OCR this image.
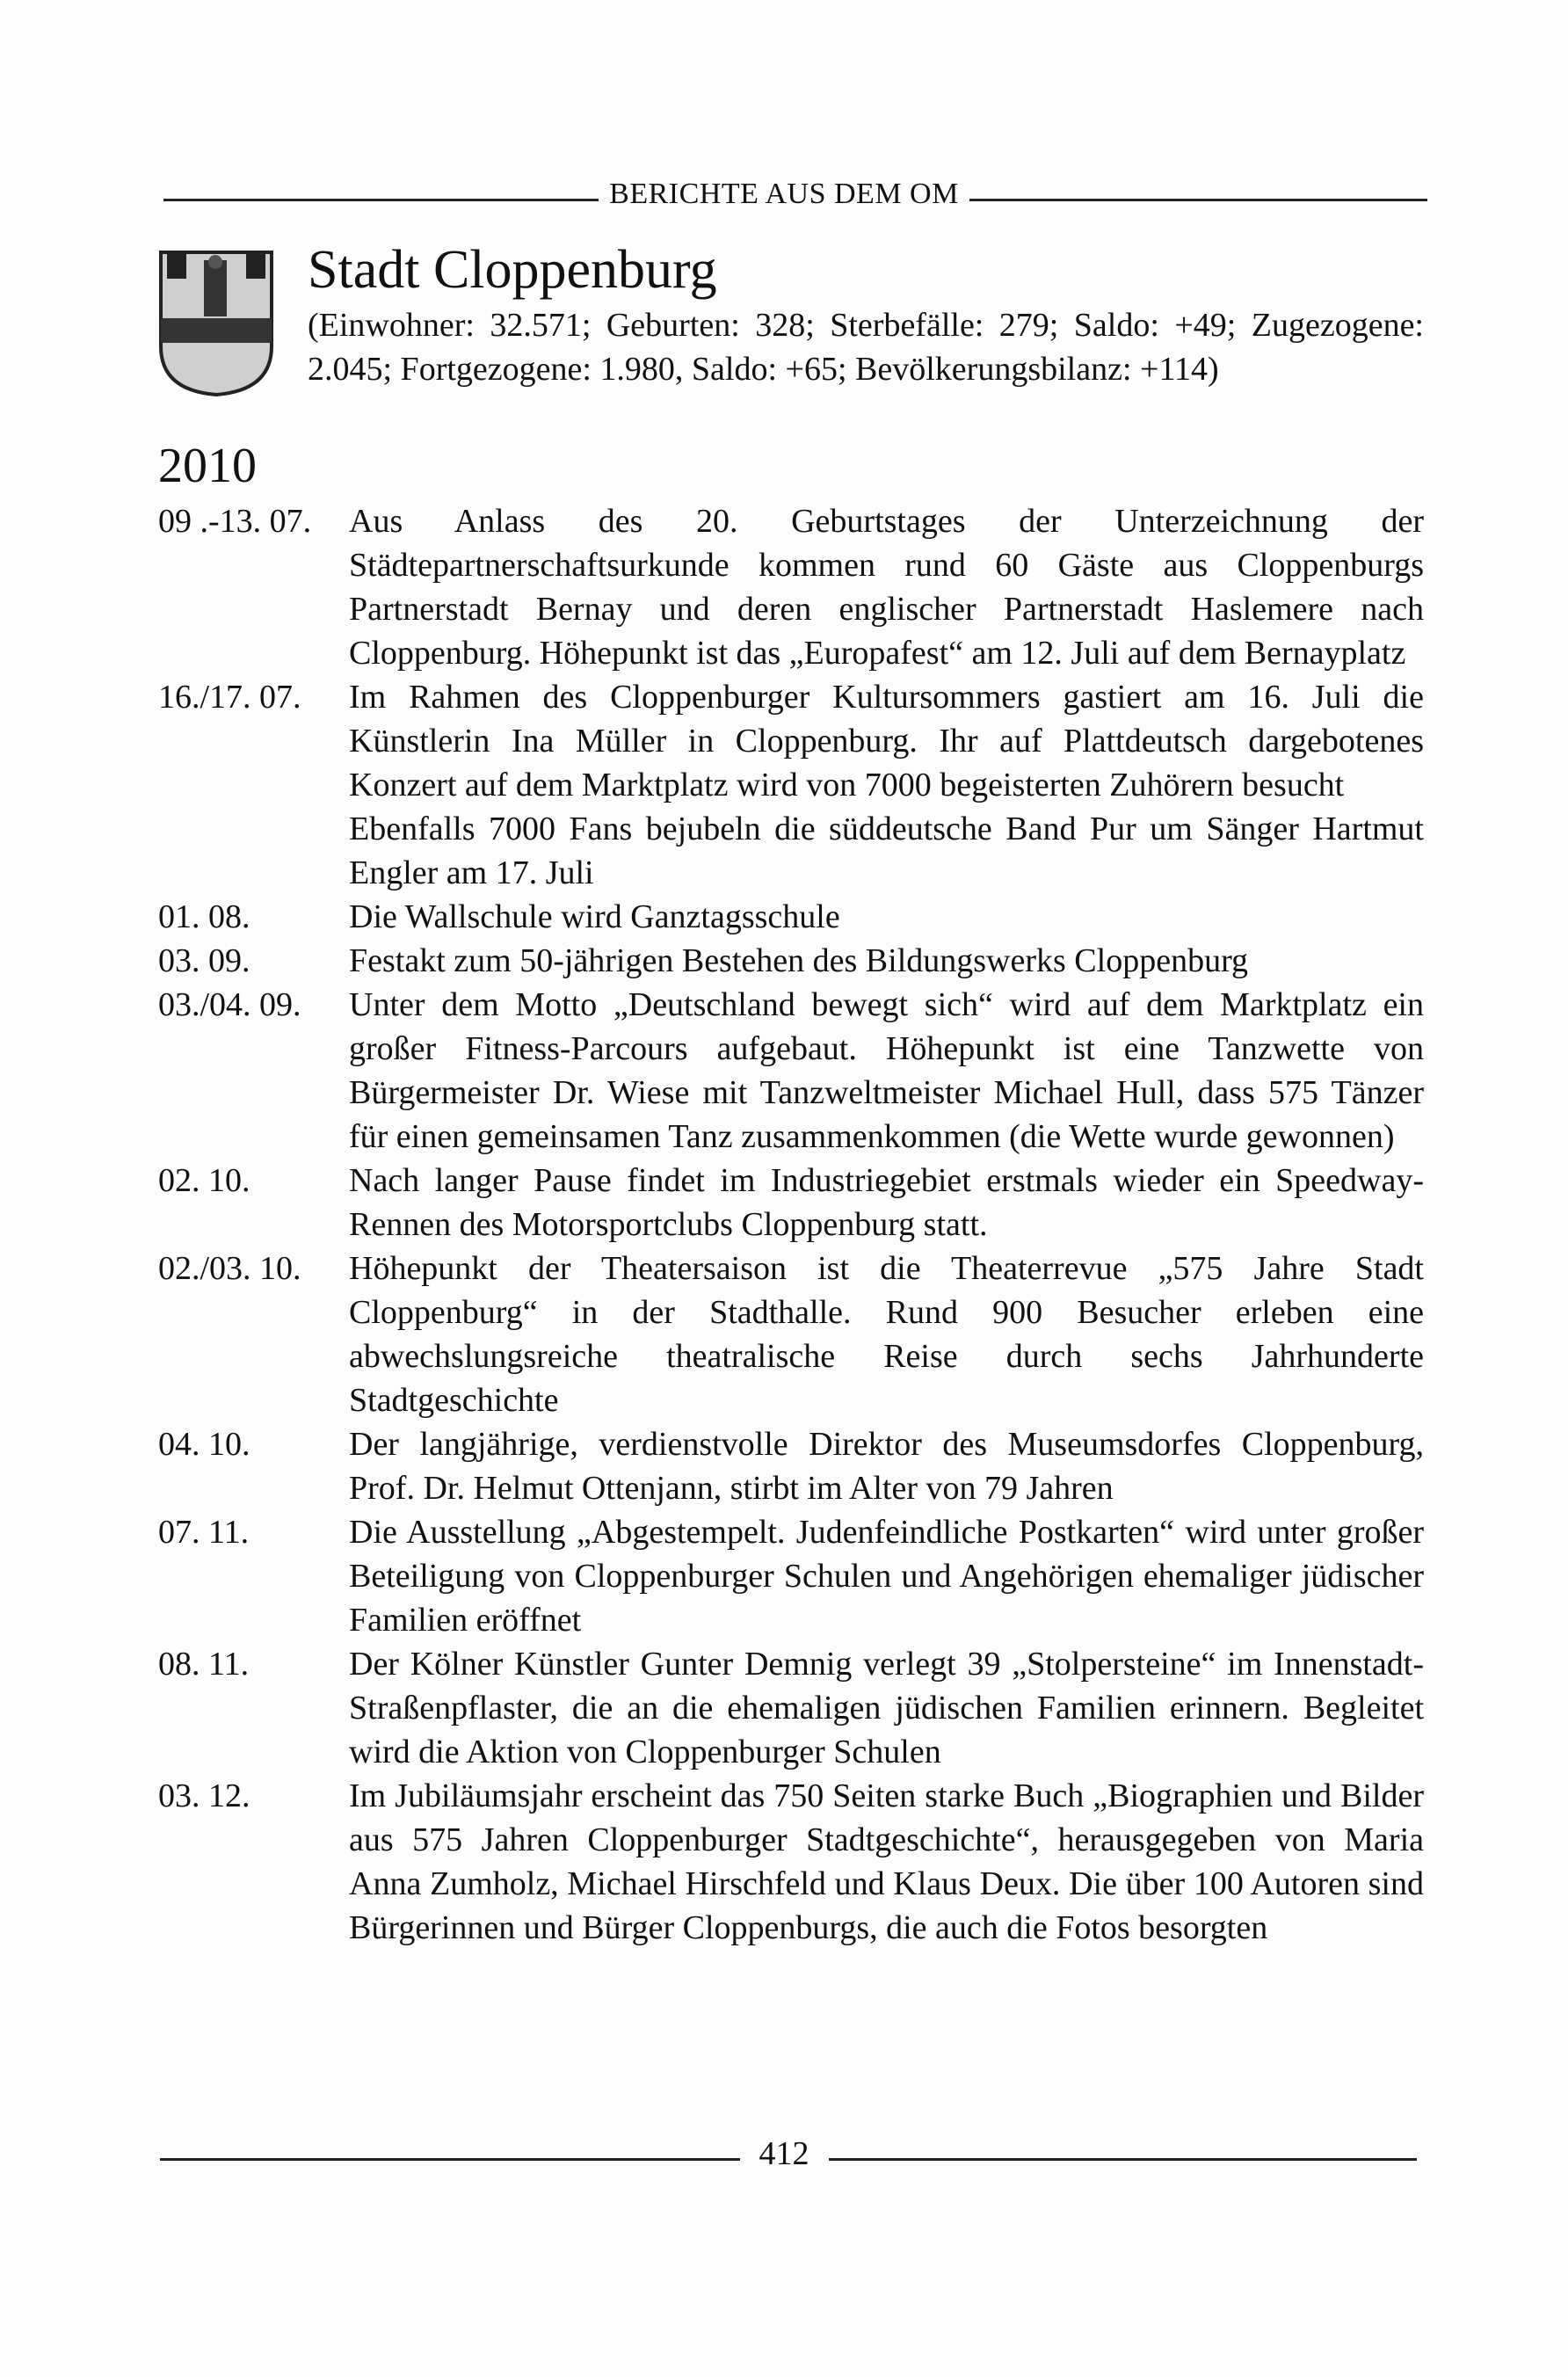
BERICHTE AUS DEM OM
Stadt Cloppenburg
(Einwohner: 32.571; Geburten: 328; Sterbefälle: 279; Saldo: +49; Zugezogene: 2.045; Fortgezogene: 1.980, Saldo: +65; Bevölkerungsbilanz: +114)
2010
09 .-13. 07.	Aus Anlass des 20. Geburtstages der Unterzeichnung der Städtepartnerschaftsurkunde kommen rund 60 Gäste aus Cloppenburgs Partnerstadt Bernay und deren englischer Partnerstadt Haslemere nach Cloppenburg. Höhepunkt ist das „Europafest“ am 12. Juli auf dem Bernayplatz

16./17. 07.	Im Rahmen des Cloppenburger Kultursommers gastiert am 16. Juli die Künstlerin Ina Müller in Cloppenburg. Ihr auf Plattdeutsch dargebotenes Konzert auf dem Marktplatz wird von 7000 begeisterten Zuhörern besucht

Ebenfalls 7000 Fans bejubeln die süddeutsche Band Pur um Sänger Hartmut Engler am 17. Juli

01. 08.	Die Wallschule wird Ganztagsschule

03. 09.	Festakt zum 50-jährigen Bestehen des Bildungswerks Cloppenburg

03./04. 09.	Unter dem Motto „Deutschland bewegt sich“ wird auf dem Marktplatz ein großer Fitness-Parcours aufgebaut. Höhepunkt ist eine Tanzwette von Bürgermeister Dr. Wiese mit Tanzweltmeister Michael Hull, dass 575 Tänzer für einen gemeinsamen Tanz zusammenkommen (die Wette wurde gewonnen)

02. 10.	Nach langer Pause findet im Industriegebiet erstmals wieder ein Speedway-Rennen des Motorsportclubs Cloppenburg statt.

02./03. 10.	Höhepunkt der Theatersaison ist die Theaterrevue „575 Jahre Stadt Cloppenburg“ in der Stadthalle. Rund 900 Besucher erleben eine abwechslungsreiche theatralische Reise durch sechs Jahrhunderte Stadtgeschichte

04. 10.	Der langjährige, verdienstvolle Direktor des Museumsdorfes Cloppenburg, Prof. Dr. Helmut Ottenjann, stirbt im Alter von 79 Jahren

07. 11.	Die Ausstellung „Abgestempelt. Judenfeindliche Postkarten“ wird unter großer Beteiligung von Cloppenburger Schulen und Angehörigen ehemaliger jüdischer Familien eröffnet

08. 11.	Der Kölner Künstler Gunter Demnig verlegt 39 „Stolpersteine“ im Innenstadt-Straßenpflaster, die an die ehemaligen jüdischen Familien erinnern. Begleitet wird die Aktion von Cloppenburger Schulen

03. 12.	Im Jubiläumsjahr erscheint das 750 Seiten starke Buch „Biographien und Bilder aus 575 Jahren Cloppenburger Stadtgeschichte“, herausgegeben von Maria Anna Zumholz, Michael Hirschfeld und Klaus Deux. Die über 100 Autoren sind Bürgerinnen und Bürger Cloppenburgs, die auch die Fotos besorgten

412
